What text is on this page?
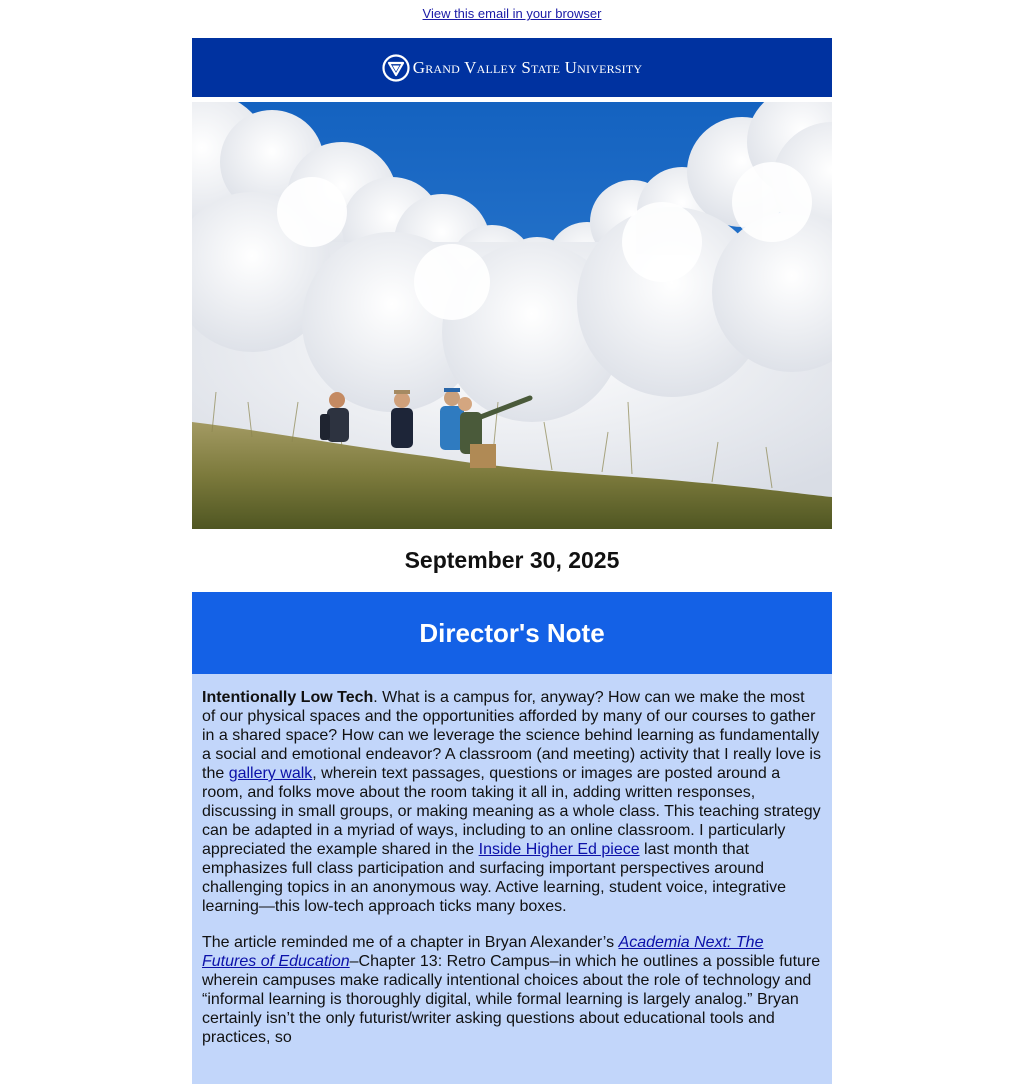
View this email in your browser
Grand Valley State University
September 30, 2025
Director's Note

Intentionally Low Tech. What is a campus for, anyway? How can we make the most of our physical spaces and the opportunities afforded by many of our courses to gather in a shared space? How can we leverage the science behind learning as fundamentally a social and emotional endeavor? A classroom (and meeting) activity that I really love is the gallery walk, wherein text passages, questions or images are posted around a room, and folks move about the room taking it all in, adding written responses, discussing in small groups, or making meaning as a whole class. This teaching strategy can be adapted in a myriad of ways, including to an online classroom. I particularly appreciated the example shared in the Inside Higher Ed piece last month that emphasizes full class participation and surfacing important perspectives around challenging topics in an anonymous way. Active learning, student voice, integrative learning—this low-tech approach ticks many boxes.

The article reminded me of a chapter in Bryan Alexander’s Academia Next: The Futures of Education–Chapter 13: Retro Campus–in which he outlines a possible future wherein campuses make radically intentional choices about the role of technology and “informal learning is thoroughly digital, while formal learning is largely analog.” Bryan certainly isn’t the only futurist/writer asking questions about educational tools and practices, so
